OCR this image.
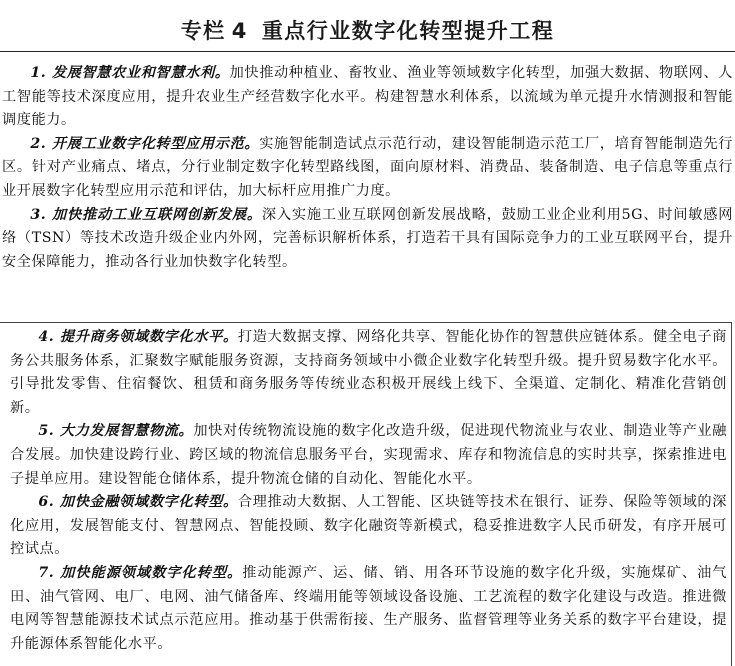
专栏 4 重点行业数字化转型提升工程

1. 发展智慧农业和智慧水利。加快推动种植业、畜牧业、渔业等领域数字化转型，加强大数据、物联网、人工智能等技术深度应用，提升农业生产经营数字化水平。构建智慧水利体系，以流域为单元提升水情测报和智能调度能力。

2. 开展工业数字化转型应用示范。实施智能制造试点示范行动，建设智能制造示范工厂，培育智能制造先行区。针对产业痛点、堵点，分行业制定数字化转型路线图，面向原材料、消费品、装备制造、电子信息等重点行业开展数字化转型应用示范和评估，加大标杆应用推广力度。

3. 加快推动工业互联网创新发展。深入实施工业互联网创新发展战略，鼓励工业企业利用5G、时间敏感网络（TSN）等技术改造升级企业内外网，完善标识解析体系，打造若干具有国际竞争力的工业互联网平台，提升安全保障能力，推动各行业加快数字化转型。

4. 提升商务领域数字化水平。打造大数据支撑、网络化共享、智能化协作的智慧供应链体系。健全电子商务公共服务体系，汇聚数字赋能服务资源，支持商务领域中小微企业数字化转型升级。提升贸易数字化水平。引导批发零售、住宿餐饮、租赁和商务服务等传统业态积极开展线上线下、全渠道、定制化、精准化营销创新。

5. 大力发展智慧物流。加快对传统物流设施的数字化改造升级，促进现代物流业与农业、制造业等产业融合发展。加快建设跨行业、跨区域的物流信息服务平台，实现需求、库存和物流信息的实时共享，探索推进电子提单应用。建设智能仓储体系，提升物流仓储的自动化、智能化水平。

6. 加快金融领域数字化转型。合理推动大数据、人工智能、区块链等技术在银行、证券、保险等领域的深化应用，发展智能支付、智慧网点、智能投顾、数字化融资等新模式，稳妥推进数字人民币研发，有序开展可控试点。

7. 加快能源领域数字化转型。推动能源产、运、储、销、用各环节设施的数字化升级，实施煤矿、油气田、油气管网、电厂、电网、油气储备库、终端用能等领域设备设施、工艺流程的数字化建设与改造。推进微电网等智慧能源技术试点示范应用。推动基于供需衔接、生产服务、监督管理等业务关系的数字平台建设，提升能源体系智能化水平。
